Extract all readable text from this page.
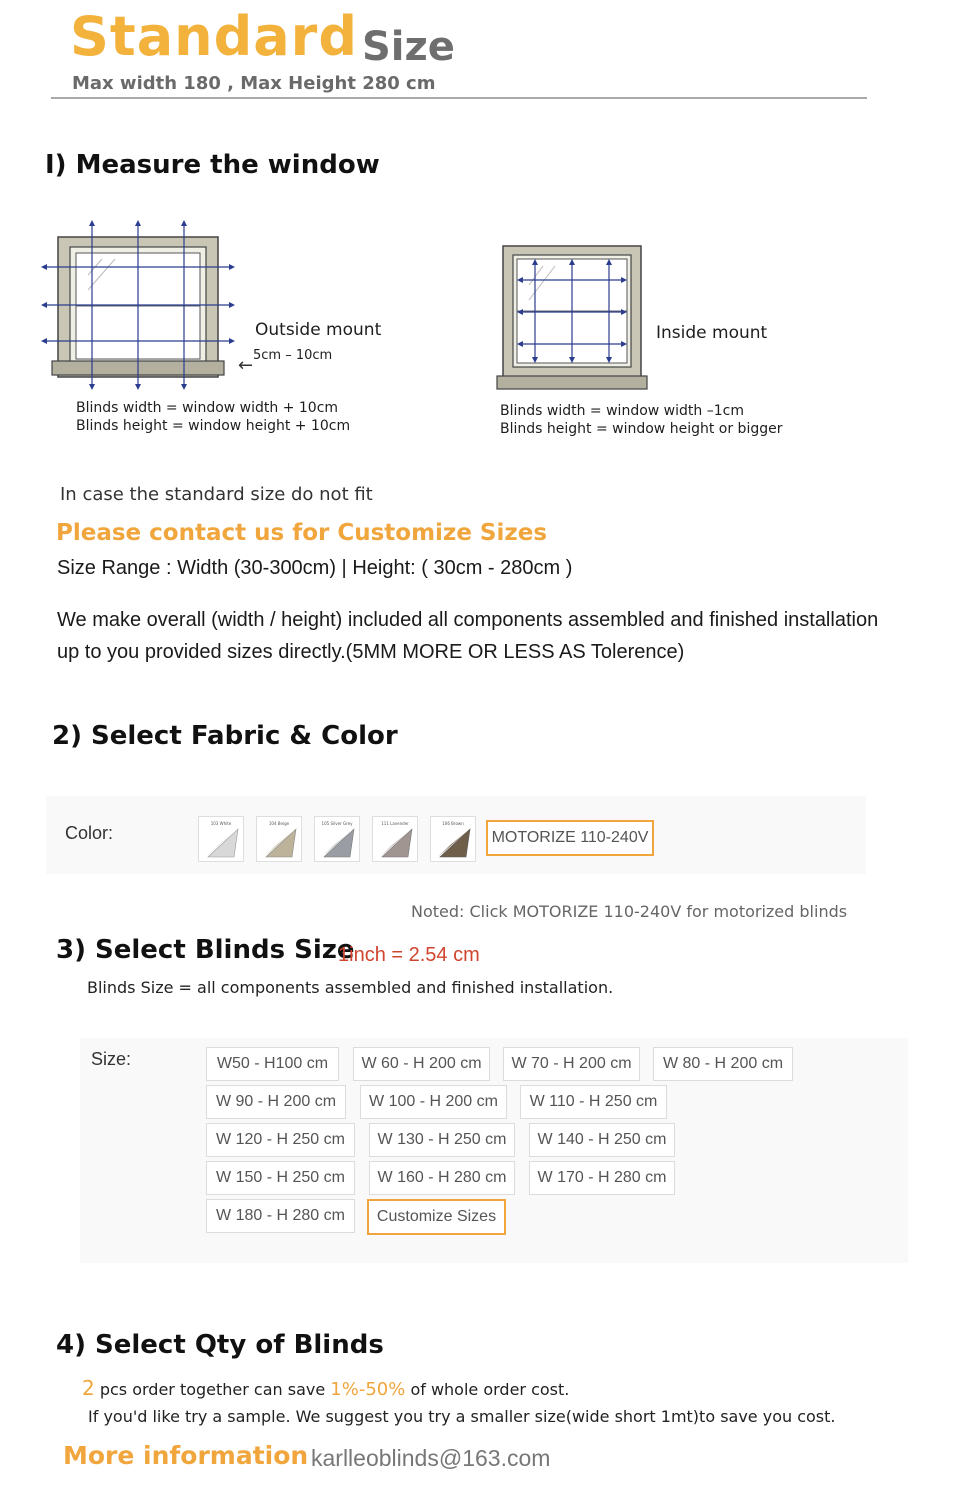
Standard Size
Max width 180 , Max Height 280 cm
I) Measure the window
Outside mount
← 5cm – 10cm
Blinds width = window width + 10cm
Blinds height = window height + 10cm
Inside mount
Blinds width = window width –1cm
Blinds height = window height or bigger
In case the standard size do not fit
Please contact us for Customize Sizes
Size Range : Width (30-300cm) | Height: ( 30cm - 280cm )
We make overall (width / height) included all components assembled and finished installation
up to you provided sizes directly.(5MM MORE OR LESS AS Tolerence)
2) Select Fabric & Color
Color:	103 White	104 Beige	105 Silver Grey	111 Lavender	106 Brown
MOTORIZE 110-240V
Noted: Click MOTORIZE 110-240V for motorized blinds
3) Select Blinds Size
1inch = 2.54 cm
Blinds Size = all components assembled and finished installation.
Size:	W50 - H100 cm	W 60 - H 200 cm	W 70 - H 200 cm	W 80 - H 200 cm
W 90 - H 200 cm	W 100 - H 200 cm	W 110 - H 250 cm
W 120 - H 250 cm	W 130 - H 250 cm	W 140 - H 250 cm
W 150 - H 250 cm	W 160 - H 280 cm	W 170 - H 280 cm
W 180 - H 280 cm	Customize Sizes
4) Select Qty of Blinds
2 pcs order together can save 1%-50% of whole order cost.
If you'd like try a sample. We suggest you try a smaller size(wide short 1mt)to save you cost.
More information karlleoblinds@163.com
